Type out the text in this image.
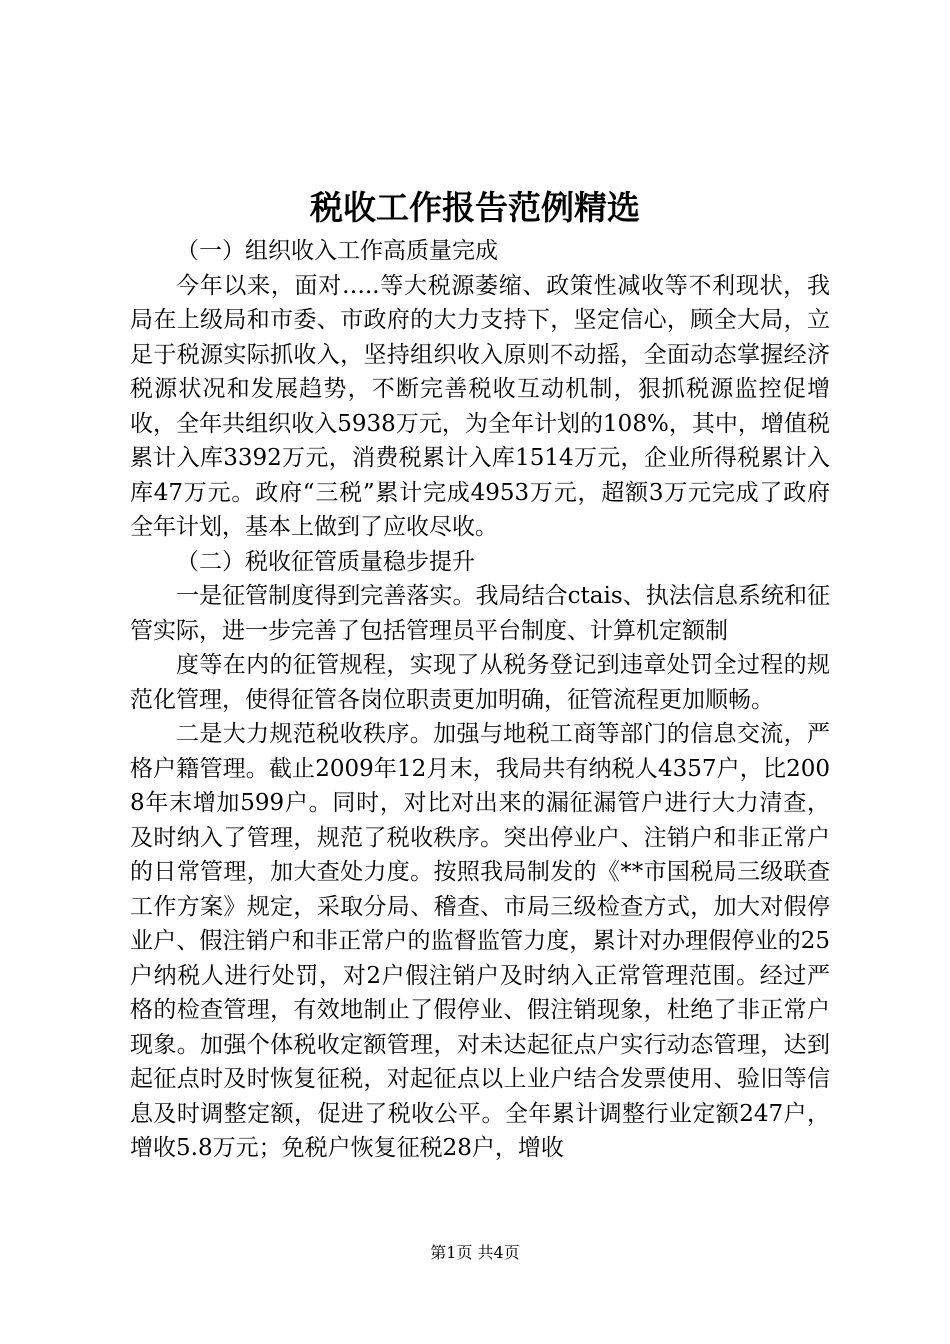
税收工作报告范例精选

（一）组织收入工作高质量完成

今年以来，面对…..等大税源萎缩、政策性减收等不利现状，我局在上级局和市委、市政府的大力支持下，坚定信心，顾全大局，立足于税源实际抓收入，坚持组织收入原则不动摇，全面动态掌握经济税源状况和发展趋势，不断完善税收互动机制，狠抓税源监控促增收，全年共组织收入5938万元，为全年计划的108%，其中，增值税累计入库3392万元，消费税累计入库1514万元，企业所得税累计入库47万元。政府“三税”累计完成4953万元，超额3万元完成了政府全年计划，基本上做到了应收尽收。

（二）税收征管质量稳步提升

一是征管制度得到完善落实。我局结合ctais、执法信息系统和征管实际，进一步完善了包括管理员平台制度、计算机定额制

度等在内的征管规程，实现了从税务登记到违章处罚全过程的规范化管理，使得征管各岗位职责更加明确，征管流程更加顺畅。

二是大力规范税收秩序。加强与地税工商等部门的信息交流，严格户籍管理。截止2009年12月末，我局共有纳税人4357户，比2008年末增加599户。同时，对比对出来的漏征漏管户进行大力清查，及时纳入了管理，规范了税收秩序。突出停业户、注销户和非正常户的日常管理，加大查处力度。按照我局制发的《**市国税局三级联查工作方案》规定，采取分局、稽查、市局三级检查方式，加大对假停业户、假注销户和非正常户的监督监管力度，累计对办理假停业的25户纳税人进行处罚，对2户假注销户及时纳入正常管理范围。经过严格的检查管理，有效地制止了假停业、假注销现象，杜绝了非正常户现象。加强个体税收定额管理，对未达起征点户实行动态管理，达到起征点时及时恢复征税，对起征点以上业户结合发票使用、验旧等信息及时调整定额，促进了税收公平。全年累计调整行业定额247户，增收5.8万元；免税户恢复征税28户，增收

第1页 共4页
